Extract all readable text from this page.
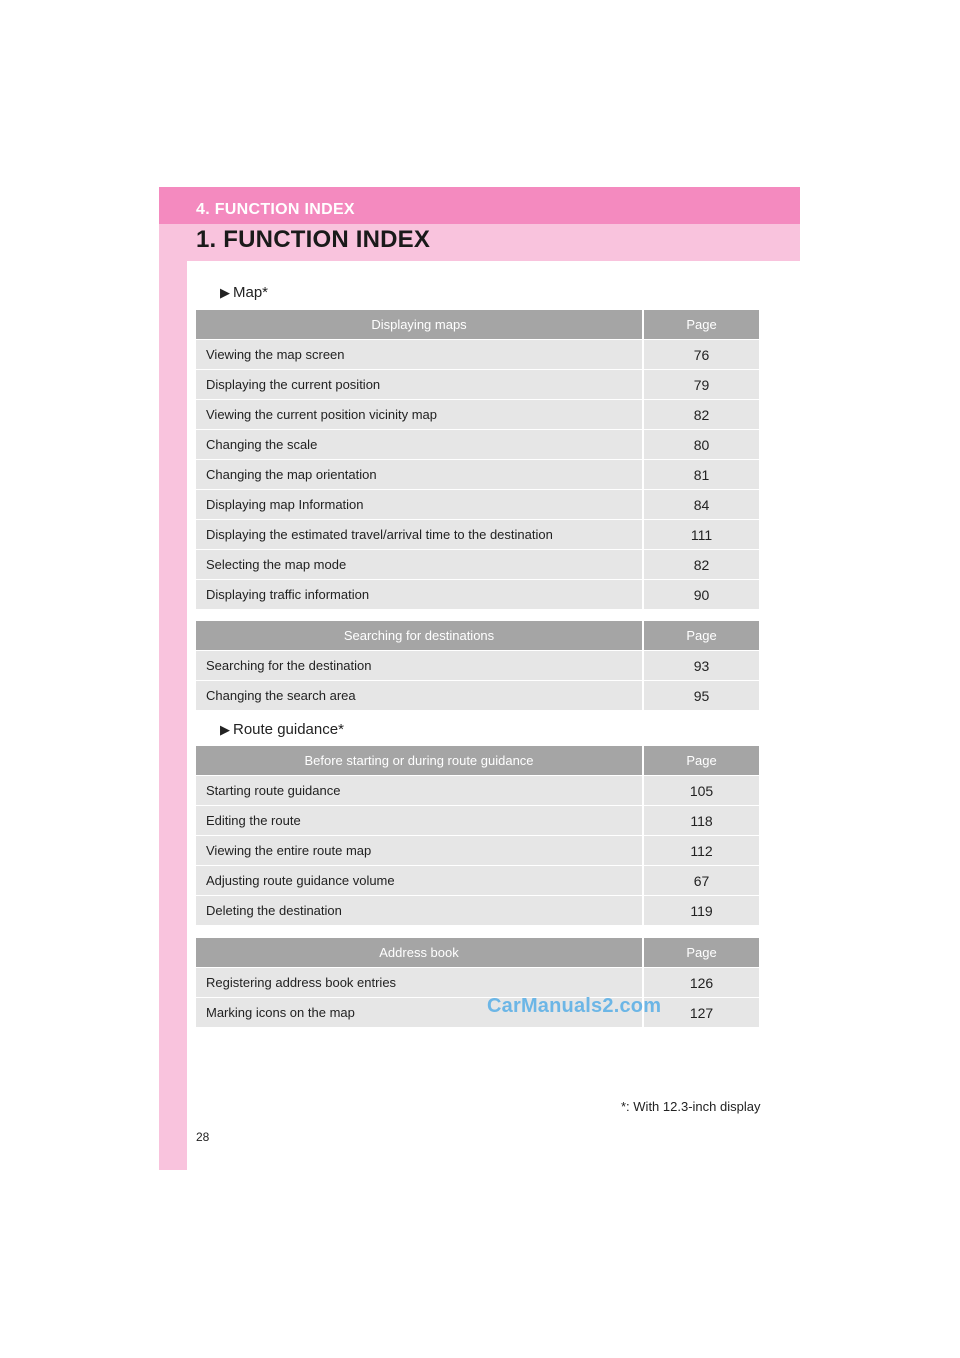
4. FUNCTION INDEX
1. FUNCTION INDEX
▶ Map*
Displaying maps	Page
Viewing the map screen	76
Displaying the current position	79
Viewing the current position vicinity map	82
Changing the scale	80
Changing the map orientation	81
Displaying map Information	84
Displaying the estimated travel/arrival time to the destination	111
Selecting the map mode	82
Displaying traffic information	90
Searching for destinations	Page
Searching for the destination	93
Changing the search area	95
▶ Route guidance*
Before starting or during route guidance	Page
Starting route guidance	105
Editing the route	118
Viewing the entire route map	112
Adjusting route guidance volume	67
Deleting the destination	119
Address book	Page
Registering address book entries	126
Marking icons on the map	127
CarManuals2.com
*: With 12.3-inch display
28
